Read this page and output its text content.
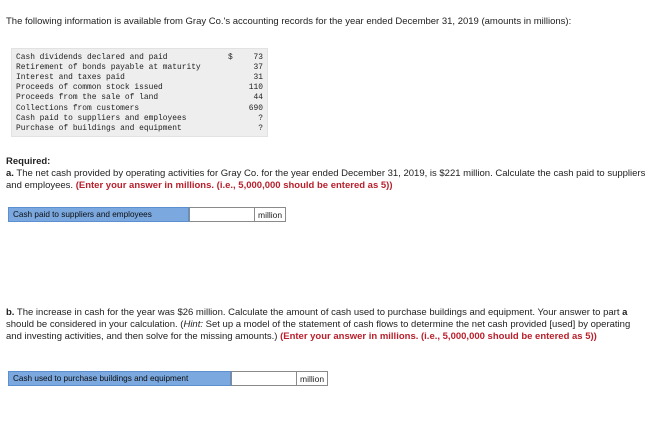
The following information is available from Gray Co.'s accounting records for the year ended December 31, 2019 (amounts in millions):
Cash dividends declared and paid	$	73
Retirement of bonds payable at maturity	37
Interest and taxes paid	31
Proceeds of common stock issued	110
Proceeds from the sale of land	44
Collections from customers	690
Cash paid to suppliers and employees	?
Purchase of buildings and equipment	?
Required:
a. The net cash provided by operating activities for Gray Co. for the year ended December 31, 2019, is $221 million. Calculate the cash paid to suppliers and employees. (Enter your answer in millions. (i.e., 5,000,000 should be entered as 5))
Cash paid to suppliers and employees	million
b. The increase in cash for the year was $26 million. Calculate the amount of cash used to purchase buildings and equipment. Your answer to part a should be considered in your calculation. (Hint: Set up a model of the statement of cash flows to determine the net cash provided [used] by operating and investing activities, and then solve for the missing amounts.) (Enter your answer in millions. (i.e., 5,000,000 should be entered as 5))
Cash used to purchase buildings and equipment	million
